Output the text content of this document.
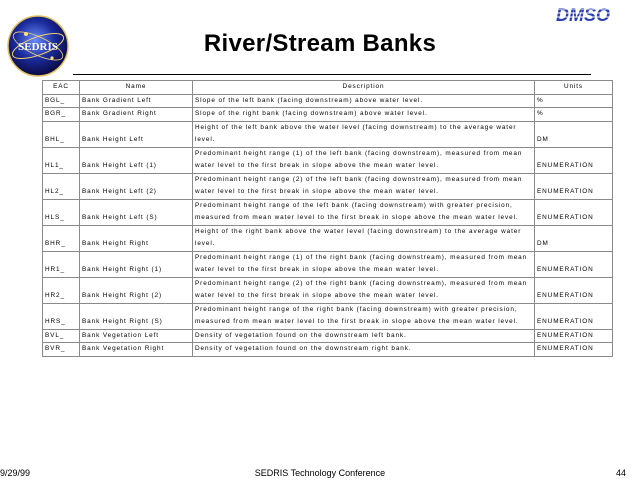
SEDRIS
DMSO
River/Stream Banks
EAC	Name	Description	Units
BGL_	Bank Gradient Left	Slope of the left bank (facing downstream) above water level.	%
BGR_	Bank Gradient Right	Slope of the right bank (facing downstream) above water level.	%
BHL_	Bank Height Left	Height of the left bank above the water level (facing downstream) to the average water level.	DM
HL1_	Bank Height Left (1)	Predominant height range (1) of the left bank (facing downstream), measured from mean water level to the first break in slope above the mean water level.	ENUMERATION
HL2_	Bank Height Left (2)	Predominant height range (2) of the left bank (facing downstream), measured from mean water level to the first break in slope above the mean water level.	ENUMERATION
HLS_	Bank Height Left (S)	Predominant height range of the left bank (facing downstream) with greater precision, measured from mean water level to the first break in slope above the mean water level.	ENUMERATION
BHR_	Bank Height Right	Height of the right bank above the water level (facing downstream) to the average water level.	DM
HR1_	Bank Height Right (1)	Predominant height range (1) of the right bank (facing downstream), measured from mean water level to the first break in slope above the mean water level.	ENUMERATION
HR2_	Bank Height Right (2)	Predominant height range (2) of the right bank (facing downstream), measured from mean water level to the first break in slope above the mean water level.	ENUMERATION
HRS_	Bank Height Right (S)	Predominant height range of the right bank (facing downstream) with greater precision, measured from mean water level to the first break in slope above the mean water level.	ENUMERATION
BVL_	Bank Vegetation Left	Density of vegetation found on the downstream left bank.	ENUMERATION
BVR_	Bank Vegetation Right	Density of vegetation found on the downstream right bank.	ENUMERATION
9/29/99	SEDRIS Technology Conference	44
